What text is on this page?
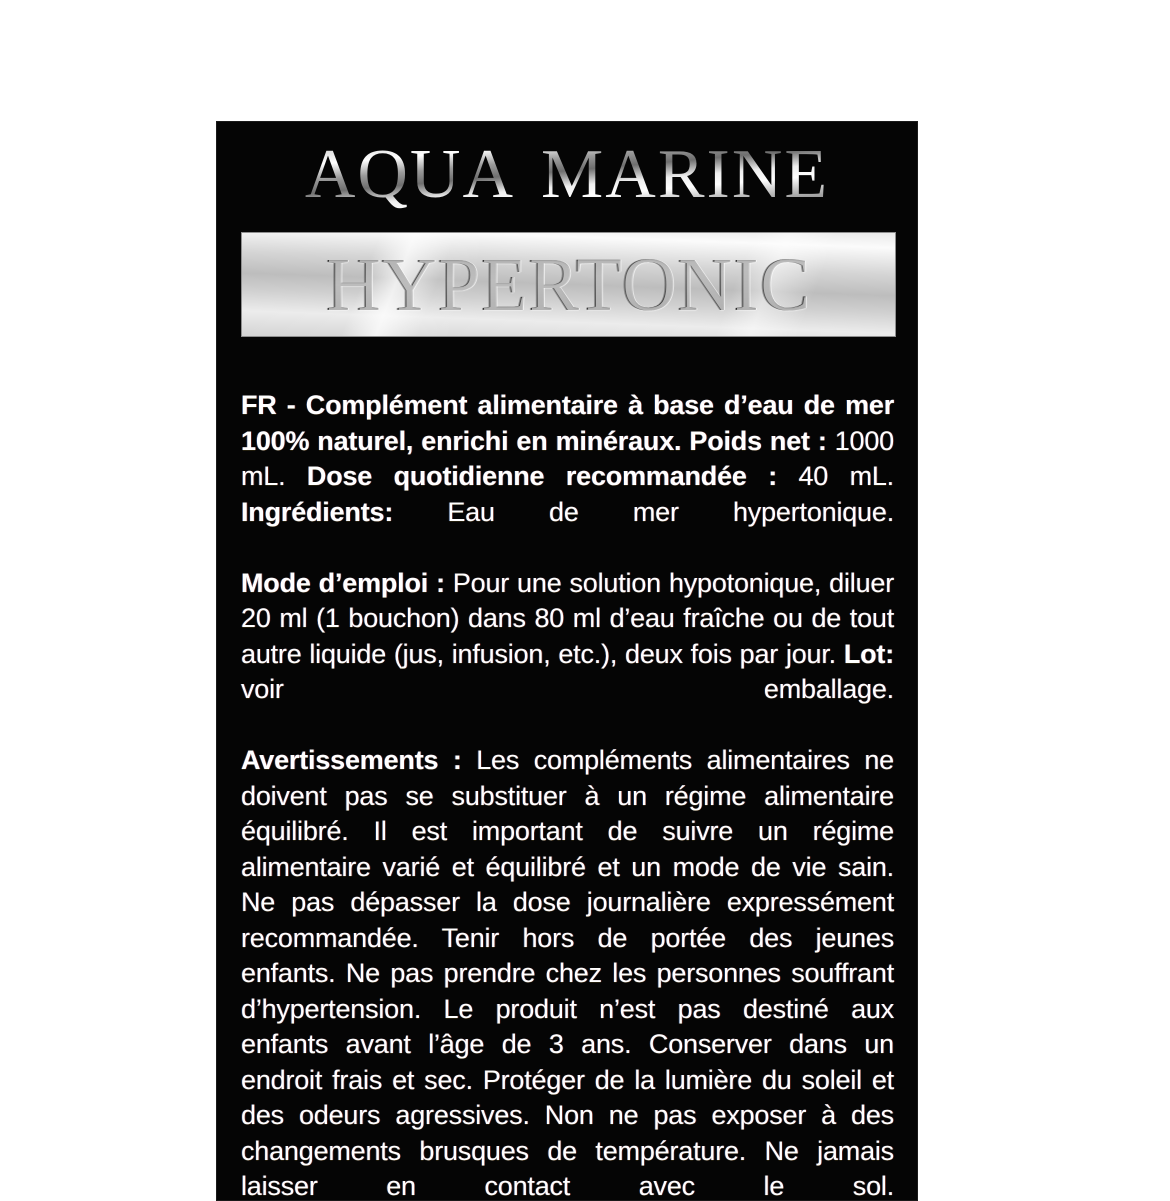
AQUA MARINE
HYPERTONIC

FR - Complément alimentaire à base d’eau de mer 100% naturel, enrichi en minéraux. Poids net : 1000 mL. Dose quotidienne recommandée : 40 mL. Ingrédients: Eau de mer hypertonique.

Mode d’emploi : Pour une solution hypotonique, diluer 20 ml (1 bouchon) dans 80 ml d’eau fraîche ou de tout autre liquide (jus, infusion, etc.), deux fois par jour. Lot: voir emballage.

Avertissements : Les compléments alimentaires ne doivent pas se substituer à un régime alimentaire équilibré. Il est important de suivre un régime alimentaire varié et équilibré et un mode de vie sain. Ne pas dépasser la dose journalière expressément recommandée. Tenir hors de portée des jeunes enfants. Ne pas prendre chez les personnes souffrant d’hypertension. Le produit n’est pas destiné aux enfants avant l’âge de 3 ans. Conserver dans un endroit frais et sec. Protéger de la lumière du soleil et des odeurs agressives. Non ne pas exposer à des changements brusques de température. Ne jamais laisser en contact avec le sol.
